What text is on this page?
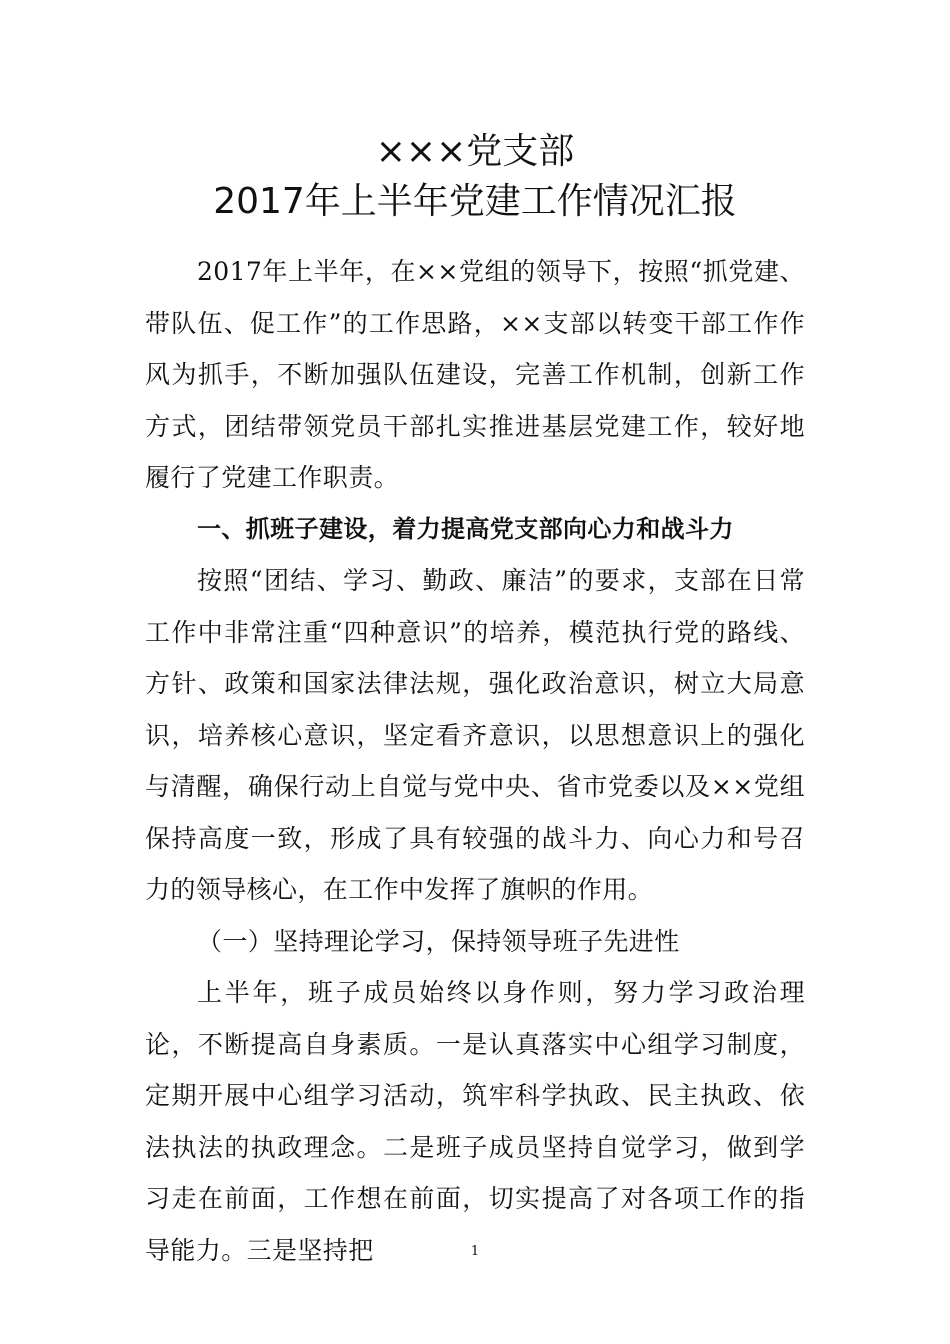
×××党支部
2017年上半年党建工作情况汇报

2017年上半年，在××党组的领导下，按照“抓党建、带队伍、促工作”的工作思路，××支部以转变干部工作作风为抓手，不断加强队伍建设，完善工作机制，创新工作方式，团结带领党员干部扎实推进基层党建工作，较好地履行了党建工作职责。

一、抓班子建设，着力提高党支部向心力和战斗力

按照“团结、学习、勤政、廉洁”的要求，支部在日常工作中非常注重“四种意识”的培养，模范执行党的路线、方针、政策和国家法律法规，强化政治意识，树立大局意识，培养核心意识，坚定看齐意识，以思想意识上的强化与清醒，确保行动上自觉与党中央、省市党委以及××党组保持高度一致，形成了具有较强的战斗力、向心力和号召力的领导核心，在工作中发挥了旗帜的作用。

（一）坚持理论学习，保持领导班子先进性

上半年，班子成员始终以身作则，努力学习政治理论，不断提高自身素质。一是认真落实中心组学习制度，定期开展中心组学习活动，筑牢科学执政、民主执政、依法执法的执政理念。二是班子成员坚持自觉学习，做到学习走在前面，工作想在前面，切实提高了对各项工作的指导能力。三是坚持把	1
